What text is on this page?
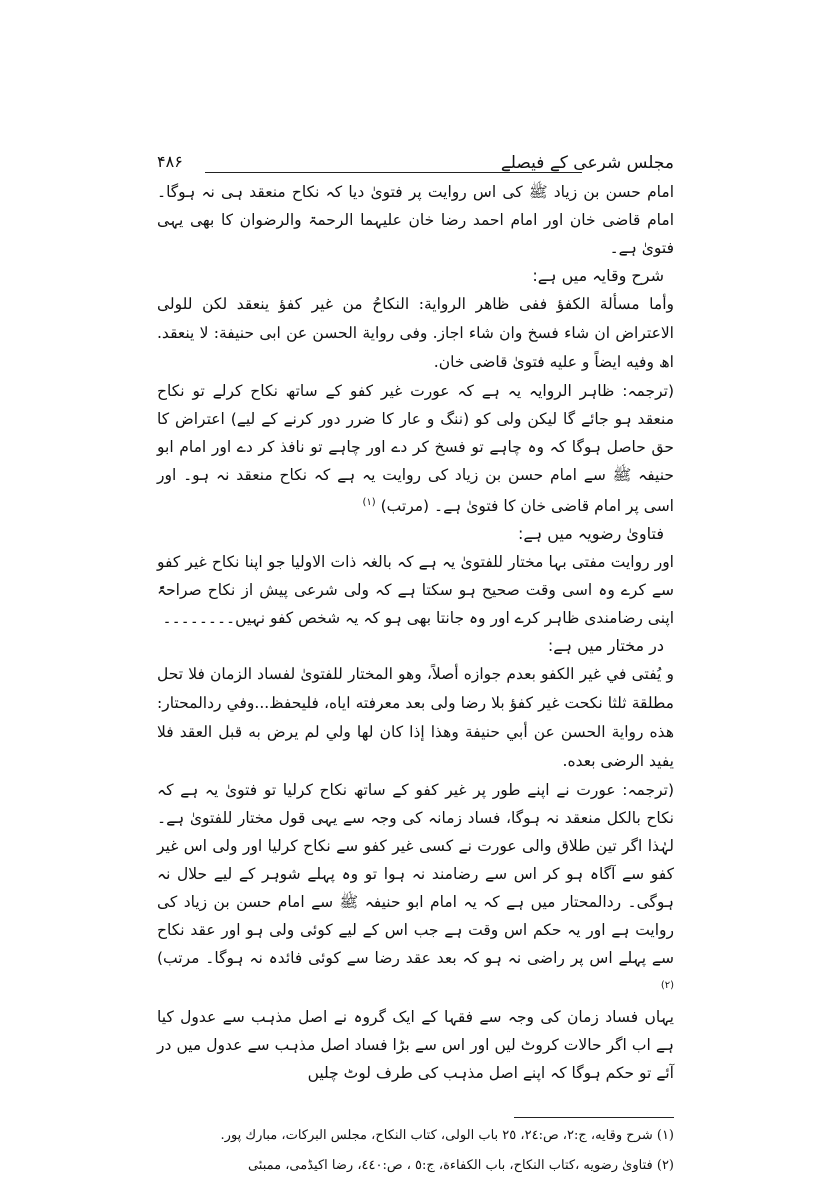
مجلس شرعی کے فیصلے
۴۸۶

امام حسن بن زیاد ﷺ کی اس روایت پر فتویٰ دیا کہ نکاح منعقد ہی نہ ہوگا۔ امام قاضی خان اور امام احمد رضا خان علیہما الرحمۃ والرضوان کا بھی یہی فتویٰ ہے۔

شرح وقایہ میں ہے:

وأما مسألة الكفؤ ففى ظاهر الرواية: النكاحُ من غير كفؤ ينعقد لكن للولى الاعتراض ان شاء فسخ وان شاء اجاز. وفى رواية الحسن عن ابى حنيفة: لا ينعقد. اھ وفيه ايضاً و عليه فتوىٰ قاضى خان.

(ترجمہ: ظاہر الروایہ یہ ہے کہ عورت غیر کفو کے ساتھ نکاح کرلے تو نکاح منعقد ہو جائے گا لیکن ولی کو (ننگ و عار کا ضرر دور کرنے کے لیے) اعتراض کا حق حاصل ہوگا کہ وہ چاہے تو فسخ کر دے اور چاہے تو نافذ کر دے اور امام ابو حنیفہ ﷺ سے امام حسن بن زیاد کی روایت یہ ہے کہ نکاح منعقد نہ ہو۔ اور اسی پر امام قاضی خان کا فتویٰ ہے۔ (مرتب) $^{(۱)}$

فتاویٰ رضویہ میں ہے:

اور روایت مفتی بہا مختار للفتویٰ یہ ہے کہ بالغہ ذات الاولیا جو اپنا نکاح غیر کفو سے کرے وہ اسی وقت صحیح ہو سکتا ہے کہ ولی شرعی پیش از نکاح صراحۃً اپنی رضامندی ظاہر کرے اور وہ جانتا بھی ہو کہ یہ شخص کفو نہیں۔۔۔۔۔۔۔۔

در مختار میں ہے:

و يُفتى في غير الكفو بعدم جوازه أصلاً، وهو المختار للفتوىٰ لفساد الزمان فلا تحل مطلقة ثلثا نكحت غير كفؤ بلا رضا ولى بعد معرفته اياه، فليحفظ...وفي ردالمحتار: هذه رواية الحسن عن أبي حنيفة وهذا إذا كان لها ولي لم يرض به قبل العقد فلا يفيد الرضى بعده.

(ترجمہ: عورت نے اپنے طور پر غیر کفو کے ساتھ نکاح کرلیا تو فتویٰ یہ ہے کہ نکاح بالکل منعقد نہ ہوگا، فساد زمانہ کی وجہ سے یہی قول مختار للفتویٰ ہے۔ لہٰذا اگر تین طلاق والی عورت نے کسی غیر کفو سے نکاح کرلیا اور ولی اس غیر کفو سے آگاہ ہو کر اس سے رضامند نہ ہوا تو وہ پہلے شوہر کے لیے حلال نہ ہوگی۔ ردالمحتار میں ہے کہ یہ امام ابو حنیفہ ﷺ سے امام حسن بن زیاد کی روایت ہے اور یہ حکم اس وقت ہے جب اس کے لیے کوئی ولی ہو اور عقد نکاح سے پہلے اس پر راضی نہ ہو کہ بعد عقد رضا سے کوئی فائدہ نہ ہوگا۔ مرتب) $^{(۲)}$

یہاں فساد زمان کی وجہ سے فقہا کے ایک گروہ نے اصل مذہب سے عدول کیا ہے اب اگر حالات کروٹ لیں اور اس سے بڑا فساد اصل مذہب سے عدول میں در آئے تو حکم ہوگا کہ اپنے اصل مذہب کی طرف لوٹ چلیں

(١) شرح وقايه، ج:٢، ص:٢٤، ٢٥ باب الولى، كتاب النكاح، مجلس البركات، مبارك پور.

(٢) فتاوىٰ رضويه ،كتاب النكاح، باب الكفاءة، ج:٥ ، ص:٤٤٠، رضا اكيڈمى، ممبئى
